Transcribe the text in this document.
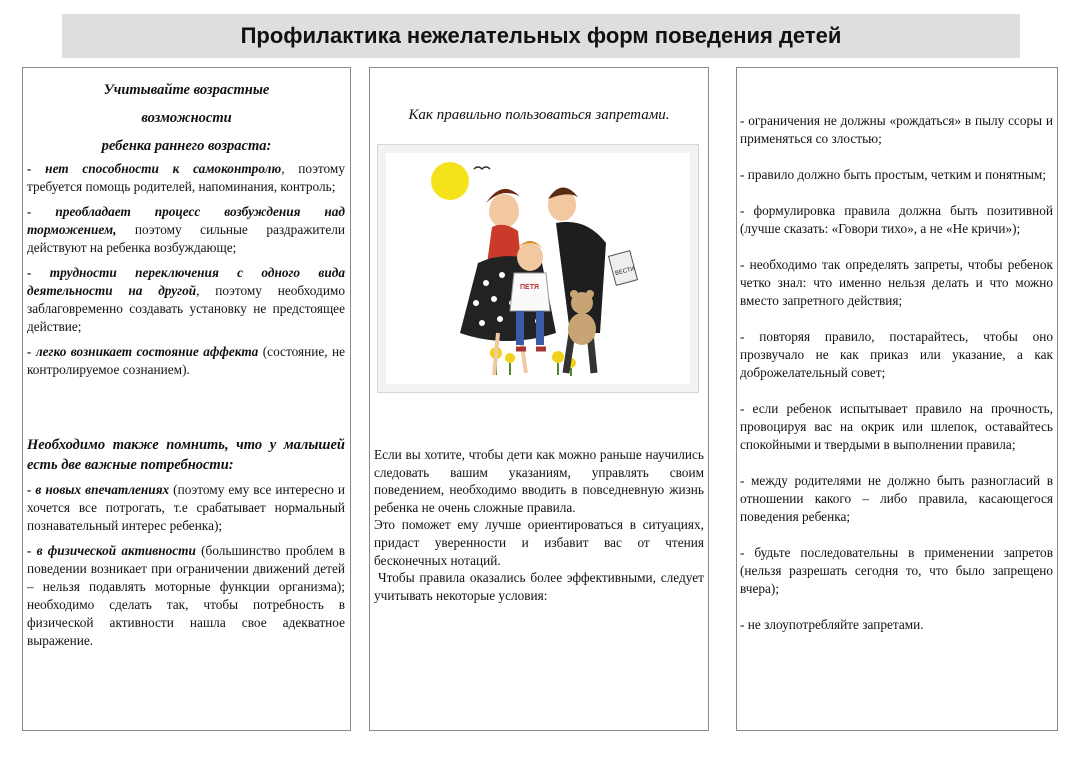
Профилактика нежелательных форм поведения детей
Учитывайте возрастные
возможности
ребенка раннего возраста:
- нет способности к самоконтролю, поэтому требуется помощь родителей, напоминания, контроль;
- преобладает процесс возбуждения над торможением, поэтому сильные раздражители действуют на ребенка возбуждающе;
- трудности переключения с одного вида деятельности на другой, поэтому необходимо заблаговременно создавать установку не предстоящее действие;
- легко возникает состояние аффекта (состояние, не контролируемое сознанием).
Необходимо также помнить, что у малышей есть две важные потребности:
- в новых впечатлениях (поэтому ему все интересно и хочется все потрогать, т.е срабатывает нормальный познавательный интерес ребенка);
- в физической активности (большинство проблем в поведении возникает при ограничении движений детей – нельзя подавлять моторные функции организма); необходимо сделать так, чтобы потребность в физической активности нашла свое адекватное выражение.
Как правильно пользоваться запретами.
ВЕСТИ
ПЕТЯ
Если вы хотите, чтобы дети как можно раньше научились следовать вашим указаниям, управлять своим поведением, необходимо вводить в повседневную жизнь ребенка не очень сложные правила.
Это поможет ему лучше ориентироваться в ситуациях, придаст уверенности и избавит вас от чтения бесконечных нотаций.
Чтобы правила оказались более эффективными, следует учитывать некоторые условия:
- ограничения не должны «рождаться» в пылу ссоры и применяться со злостью;
- правило должно быть простым, четким и понятным;
- формулировка правила должна быть позитивной (лучше сказать: «Говори тихо», а не «Не кричи»);
- необходимо так определять запреты, чтобы ребенок четко знал: что именно нельзя делать и что можно вместо запретного действия;
- повторяя правило, постарайтесь, чтобы оно прозвучало не как приказ или указание, а как доброжелательный совет;
- если ребенок испытывает правило на прочность, провоцируя вас на окрик или шлепок, оставайтесь спокойными и твердыми в выполнении правила;
- между родителями не должно быть разногласий в отношении какого – либо правила, касающегося поведения ребенка;
- будьте последовательны в применении запретов (нельзя разрешать сегодня то, что было запрещено вчера);
- не злоупотребляйте запретами.
